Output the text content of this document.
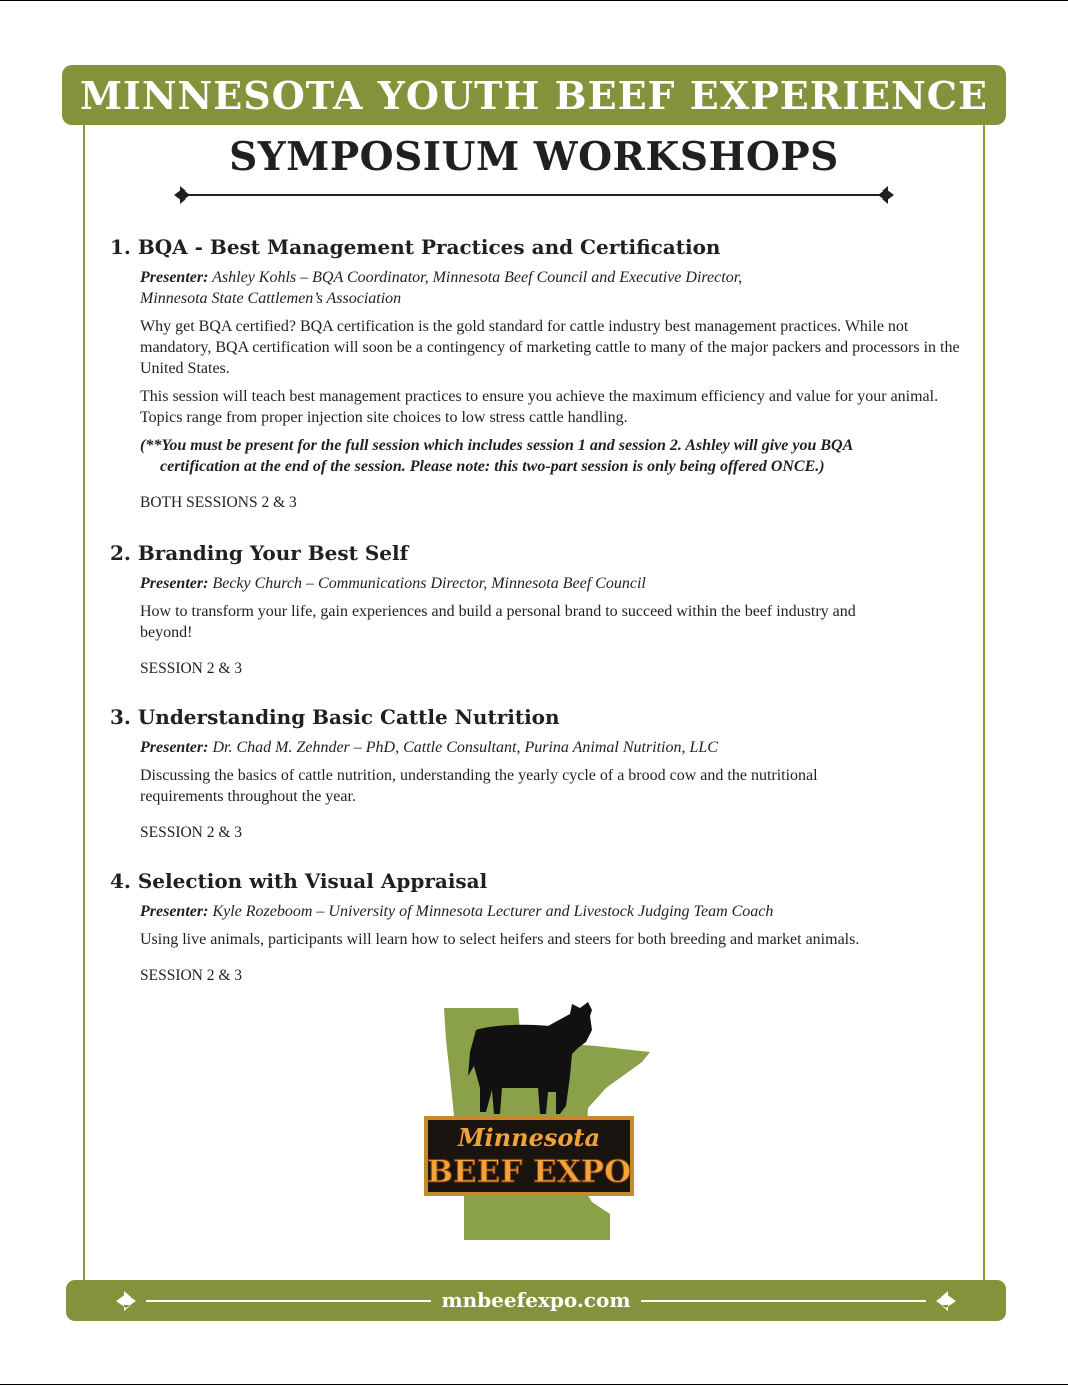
MINNESOTA YOUTH BEEF EXPERIENCE
SYMPOSIUM WORKSHOPS
1. BQA - Best Management Practices and Certification
Presenter: Ashley Kohls – BQA Coordinator, Minnesota Beef Council and Executive Director,
Minnesota State Cattlemen’s Association
Why get BQA certified? BQA certification is the gold standard for cattle industry best management practices. While not mandatory, BQA certification will soon be a contingency of marketing cattle to many of the major packers and processors in the United States.
This session will teach best management practices to ensure you achieve the maximum efficiency and value for your animal. Topics range from proper injection site choices to low stress cattle handling.
(**You must be present for the full session which includes session 1 and session 2. Ashley will give you BQA certification at the end of the session. Please note: this two-part session is only being offered ONCE.)
BOTH SESSIONS 2 & 3
2. Branding Your Best Self
Presenter: Becky Church – Communications Director, Minnesota Beef Council
How to transform your life, gain experiences and build a personal brand to succeed within the beef industry and beyond!
SESSION 2 & 3
3. Understanding Basic Cattle Nutrition
Presenter: Dr. Chad M. Zehnder – PhD, Cattle Consultant, Purina Animal Nutrition, LLC
Discussing the basics of cattle nutrition, understanding the yearly cycle of a brood cow and the nutritional requirements throughout the year.
SESSION 2 & 3
4. Selection with Visual Appraisal
Presenter: Kyle Rozeboom – University of Minnesota Lecturer and Livestock Judging Team Coach
Using live animals, participants will learn how to select heifers and steers for both breeding and market animals.
SESSION 2 & 3
Minnesota
BEEF EXPO
mnbeefexpo.com
